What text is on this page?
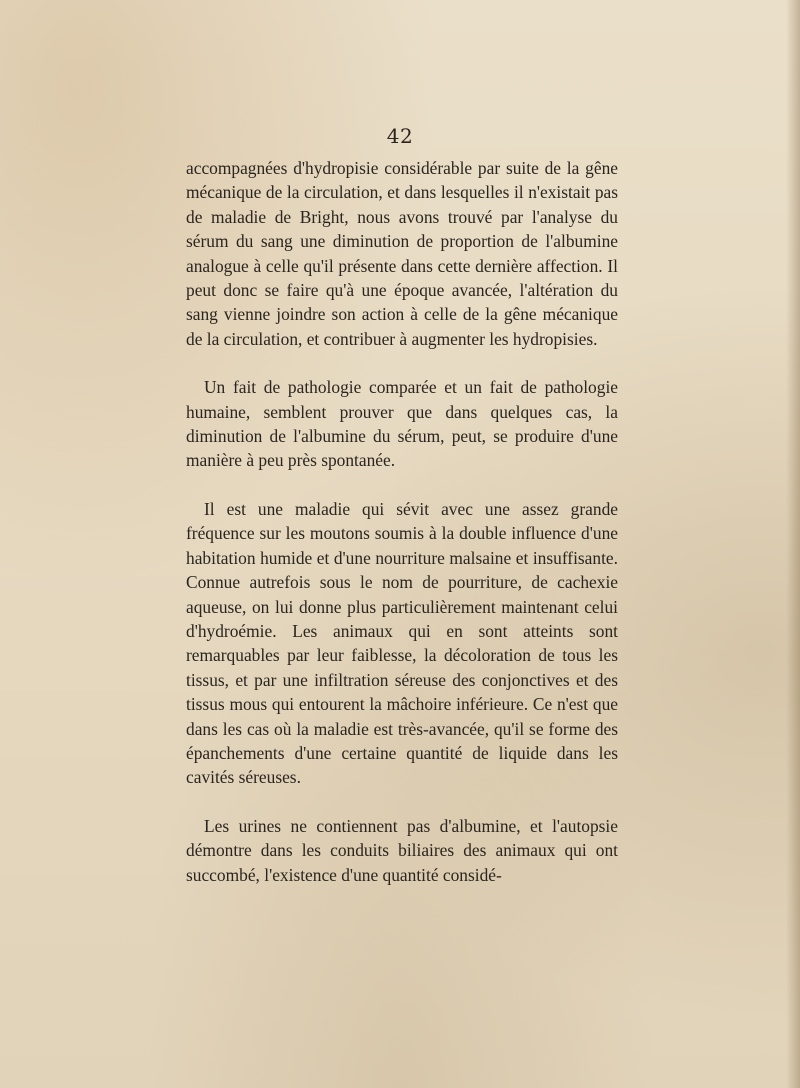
42

accompagnées d'hydropisie considérable par suite de la gêne mécanique de la circulation, et dans lesquelles il n'existait pas de maladie de Bright, nous avons trouvé par l'analyse du sérum du sang une diminution de proportion de l'albumine analogue à celle qu'il présente dans cette dernière affection. Il peut donc se faire qu'à une époque avancée, l'altération du sang vienne joindre son action à celle de la gêne mécanique de la circulation, et contribuer à augmenter les hydropisies.

Un fait de pathologie comparée et un fait de pathologie humaine, semblent prouver que dans quelques cas, la diminution de l'albumine du sérum, peut, se produire d'une manière à peu près spontanée.

Il est une maladie qui sévit avec une assez grande fréquence sur les moutons soumis à la double influence d'une habitation humide et d'une nourriture malsaine et insuffisante. Connue autrefois sous le nom de pourriture, de cachexie aqueuse, on lui donne plus particulièrement maintenant celui d'hydroémie. Les animaux qui en sont atteints sont remarquables par leur faiblesse, la décoloration de tous les tissus, et par une infiltration séreuse des conjonctives et des tissus mous qui entourent la mâchoire inférieure. Ce n'est que dans les cas où la maladie est très-avancée, qu'il se forme des épanchements d'une certaine quantité de liquide dans les cavités séreuses.

Les urines ne contiennent pas d'albumine, et l'autopsie démontre dans les conduits biliaires des animaux qui ont succombé, l'existence d'une quantité considé-
